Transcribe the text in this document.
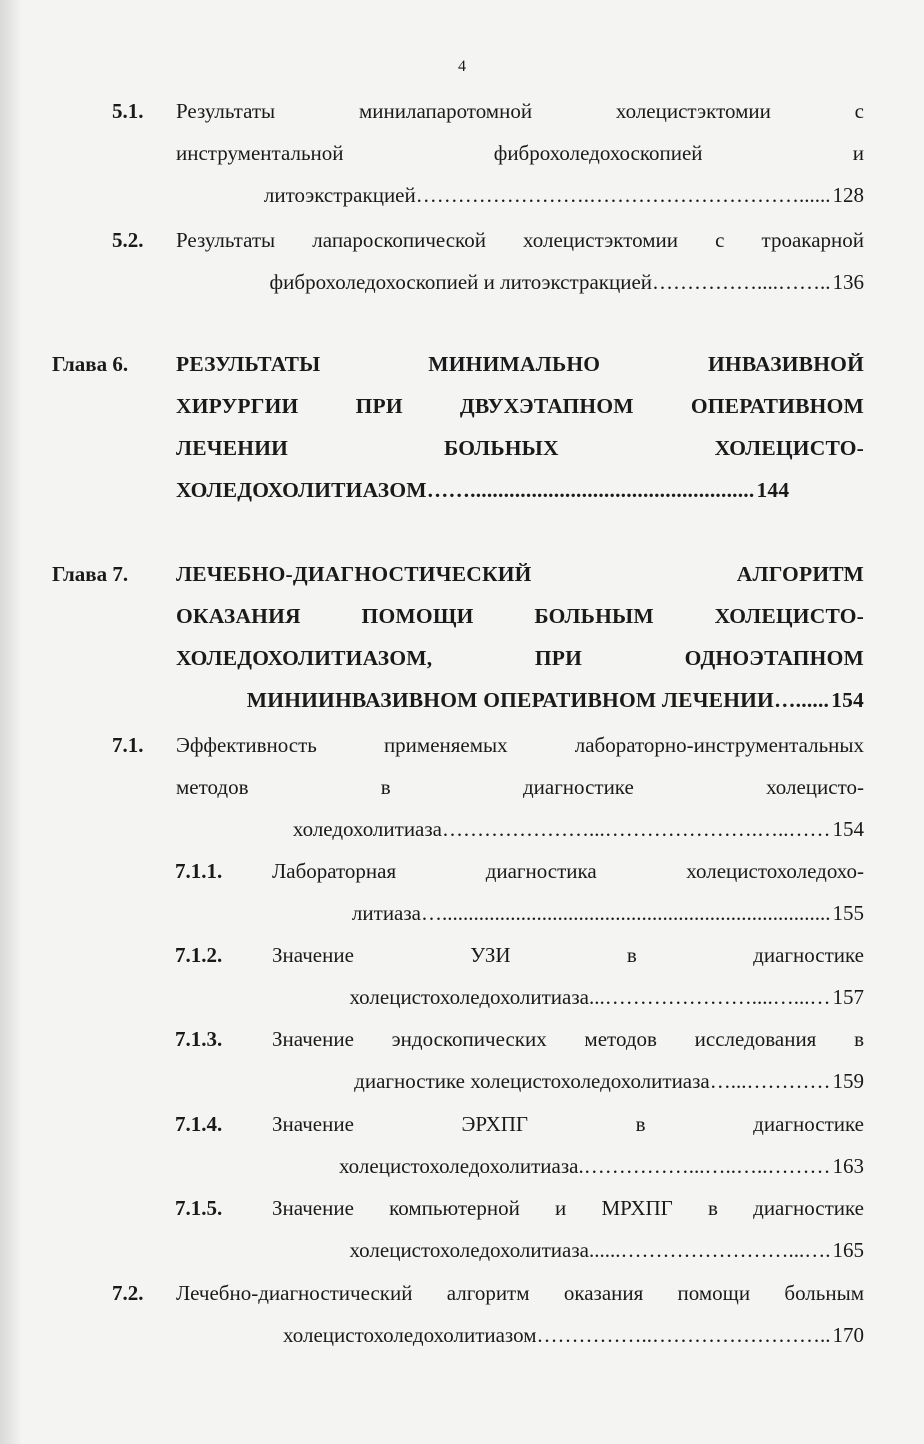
4
5.1. Результаты минилапаротомной холецистэктомии с
инструментальной фиброхоледохоскопией и
литоэкстракцией…………………….…………………………......128
5.2. Результаты лапароскопической холецистэктомии с троакарной
фиброхоледохоскопией и литоэкстракцией……………....……..136
Глава 6. РЕЗУЛЬТАТЫ МИНИМАЛЬНО ИНВАЗИВНОЙ
ХИРУРГИИ ПРИ ДВУХЭТАПНОМ ОПЕРАТИВНОМ
ЛЕЧЕНИИ БОЛЬНЫХ ХОЛЕЦИСТО-
ХОЛЕДОХОЛИТИАЗОМ……...................................................144
Глава 7. ЛЕЧЕБНО-ДИАГНОСТИЧЕСКИЙ АЛГОРИТМ
ОКАЗАНИЯ ПОМОЩИ БОЛЬНЫМ ХОЛЕЦИСТО-
ХОЛЕДОХОЛИТИАЗОМ, ПРИ ОДНОЭТАПНОМ
МИНИИНВАЗИВНОМ ОПЕРАТИВНОМ ЛЕЧЕНИИ…......154
7.1. Эффективность применяемых лабораторно-инструментальных
методов в диагностике холецисто-
холедохолитиаза…………………...………………….…..……154
7.1.1. Лабораторная диагностика холецистохоледохо-
литиаза…..........................................................................155
7.1.2. Значение УЗИ в диагностике
холецистохоледохолитиаза...…………………....…...…157
7.1.3. Значение эндоскопических методов исследования в
диагностике холецистохоледохолитиаза…...…………159
7.1.4. Значение ЭРХПГ в диагностике
холецистохоледохолитиаза.……………...…..…..………163
7.1.5. Значение компьютерной и МРХПГ в диагностике
холецистохоледохолитиаза......……………………...….165
7.2. Лечебно-диагностический алгоритм оказания помощи больным
холецистохоледохолитиазом……………..……………………..170
